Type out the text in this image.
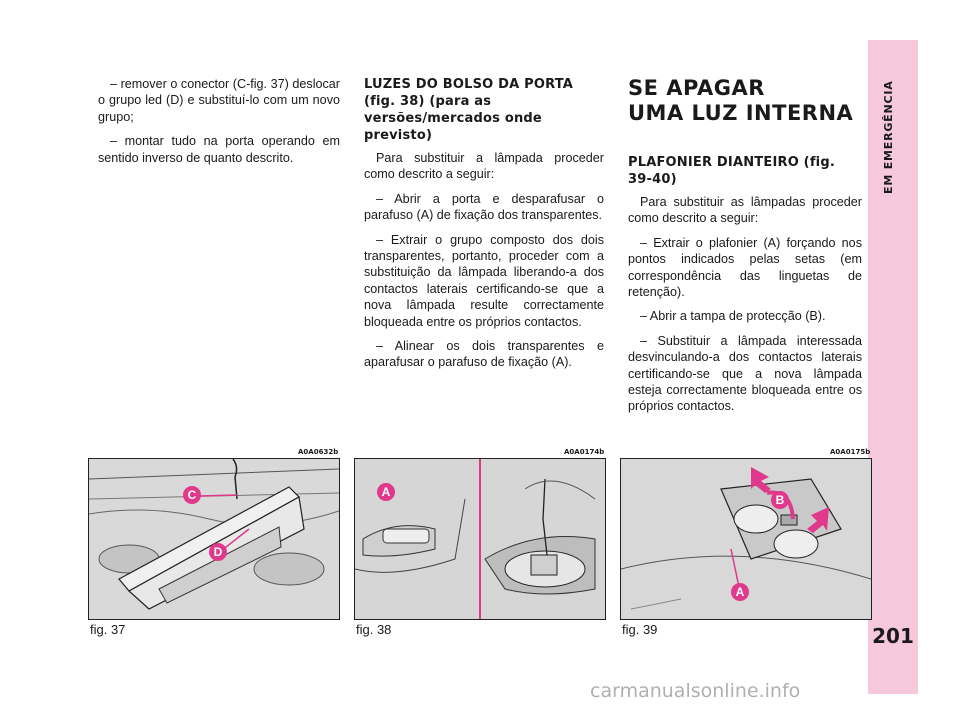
– remover o conector (C-fig. 37) deslocar o grupo led (D) e substituí-lo com um novo grupo;

– montar tudo na porta operando em sentido inverso de quanto descrito.

LUZES DO BOLSO DA PORTA (fig. 38) (para as versões/mercados onde previsto)

Para substituir a lâmpada proceder como descrito a seguir:

– Abrir a porta e desparafusar o parafuso (A) de fixação dos transparentes.

– Extrair o grupo composto dos dois transparentes, portanto, proceder com a substituição da lâmpada liberando-a dos contactos laterais certificando-se que a nova lâmpada resulte correctamente bloqueada entre os próprios contactos.

– Alinear os dois transparentes e aparafusar o parafuso de fixação (A).

SE APAGAR
UMA LUZ INTERNA
PLAFONIER DIANTEIRO (fig. 39-40)

Para substituir as lâmpadas proceder como descrito a seguir:

– Extrair o plafonier (A) forçando nos pontos indicados pelas setas (em correspondência das linguetas de retenção).

– Abrir a tampa de protecção (B).

– Substituir a lâmpada interessada desvinculando-a dos contactos laterais certificando-se que a nova lâmpada esteja correctamente bloqueada entre os próprios contactos.

EM EMERGÊNCIA
201
A0A0632b	A0A0174b	A0A0175b
C
D
A
B
A
fig. 37	fig. 38	fig. 39
carmanualsonline.info
